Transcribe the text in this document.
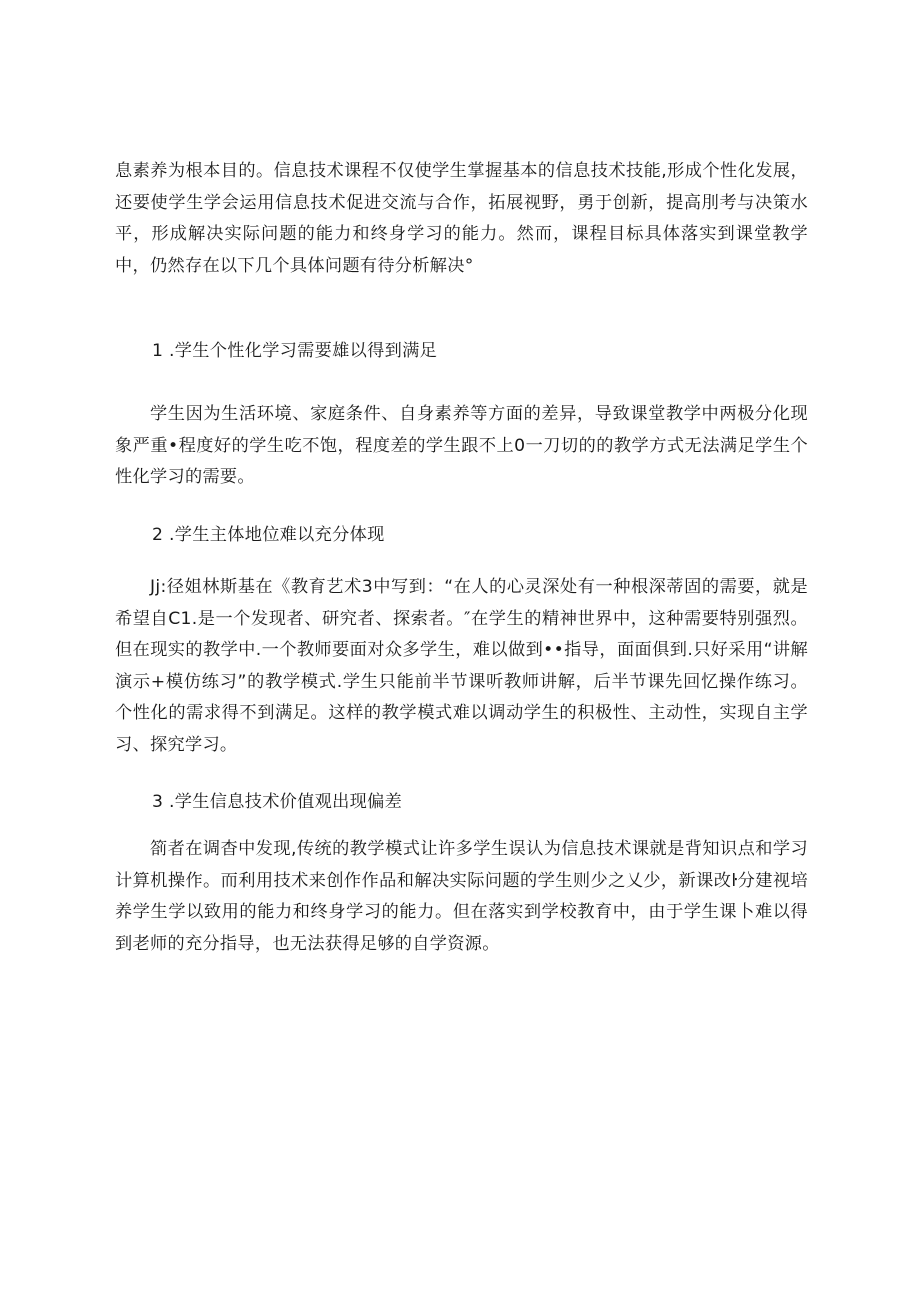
息素养为根本目的。信息技术课程不仅使学生掌握基本的信息技术技能,形成个性化发展，还要使学生学会运用信息技术促进交流与合作，拓展视野，勇于创新，提高刖考与决策水平，形成解决实际问题的能力和终身学习的能力。然而，课程目标具体落实到课堂教学中，仍然存在以下几个具体问题有待分析解决°

1 .学生个性化学习需要雄以得到满足

学生因为生活环境、家庭条件、自身素养等方面的差异，导致课堂教学中两极分化现象严重•程度好的学生吃不饱，程度差的学生跟不上0一刀切的的教学方式无法满足学生个性化学习的需要。

2 .学生主体地位难以充分体现

Jj:径姐林斯基在《教育艺术3中写到：“在人的心灵深处有一种根深蒂固的需要，就是希望自C1.是一个发现者、研究者、探索者。″在学生的精神世界中，这种需要特别强烈。但在现实的教学中.一个教师要面对众多学生，难以做到••指导，面面俱到.只好采用“讲解演示+模仿练习”的教学模式.学生只能前半节课听教师讲解，后半节课先回忆操作练习。个性化的需求得不到满足。这样的教学模式难以调动学生的积极性、主动性，实现自主学习、探究学习。

3 .学生信息技术价值观出现偏差

箚者在调杳中发现,传统的教学模式让许多学生误认为信息技术课就是背知识点和学习计算机操作。而利用技术来创作作品和解决实际问题的学生则少之乂少，新课改ŀ分建视培养学生学以致用的能力和终身学习的能力。但在落实到学校教育中，由于学生课卜难以得到老师的充分指导，也无法获得足够的自学资源。
